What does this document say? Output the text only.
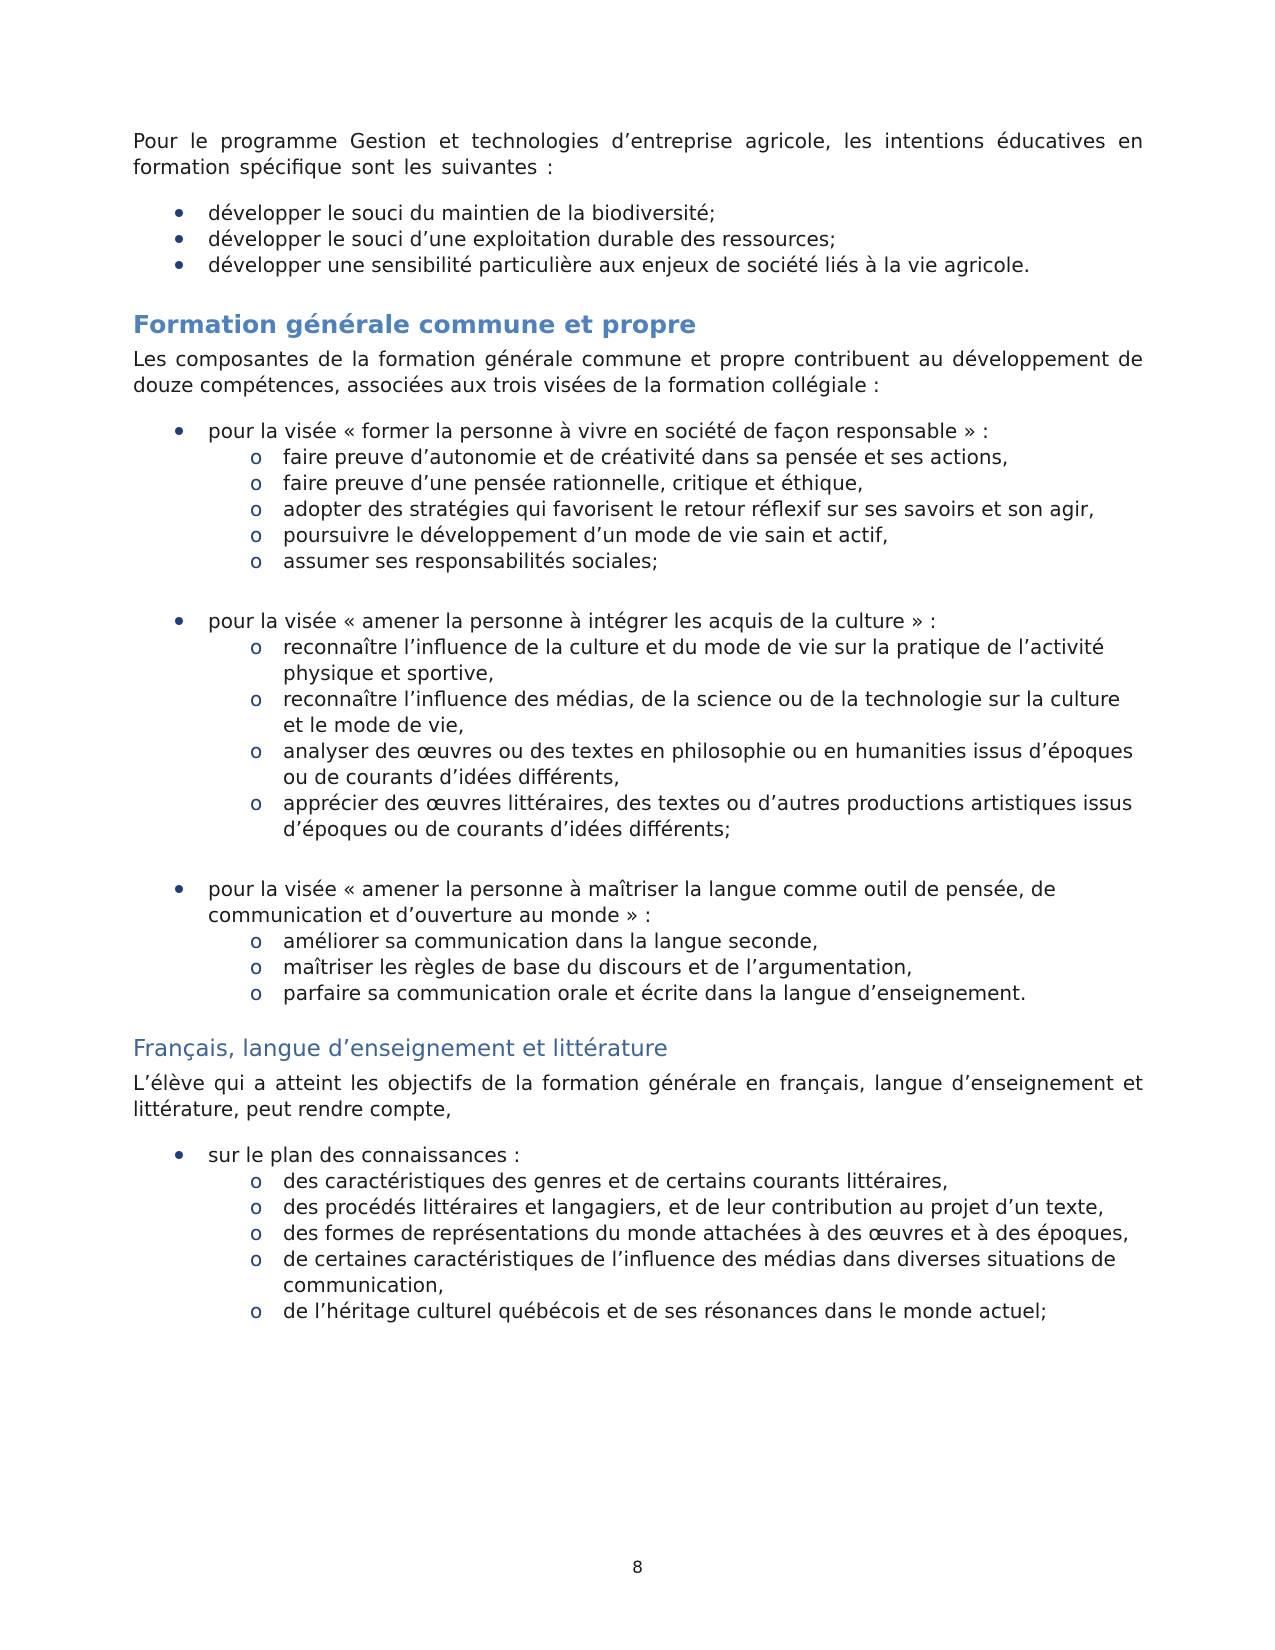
Pour le programme Gestion et technologies d’entreprise agricole, les intentions éducatives en formation spécifique sont les suivantes :

développer le souci du maintien de la biodiversité;
développer le souci d’une exploitation durable des ressources;
développer une sensibilité particulière aux enjeux de société liés à la vie agricole.
Formation générale commune et propre

Les composantes de la formation générale commune et propre contribuent au développement de douze compétences, associées aux trois visées de la formation collégiale :

pour la visée « former la personne à vivre en société de façon responsable » :
o faire preuve d’autonomie et de créativité dans sa pensée et ses actions,
o faire preuve d’une pensée rationnelle, critique et éthique,
o adopter des stratégies qui favorisent le retour réflexif sur ses savoirs et son agir,
o poursuivre le développement d’un mode de vie sain et actif,
o assumer ses responsabilités sociales;
pour la visée « amener la personne à intégrer les acquis de la culture » :
o reconnaître l’influence de la culture et du mode de vie sur la pratique de l’activité physique et sportive,
o reconnaître l’influence des médias, de la science ou de la technologie sur la culture et le mode de vie,
o analyser des œuvres ou des textes en philosophie ou en humanities issus d’époques ou de courants d’idées différents,
o apprécier des œuvres littéraires, des textes ou d’autres productions artistiques issus d’époques ou de courants d’idées différents;
pour la visée « amener la personne à maîtriser la langue comme outil de pensée, de communication et d’ouverture au monde » :
o améliorer sa communication dans la langue seconde,
o maîtriser les règles de base du discours et de l’argumentation,
o parfaire sa communication orale et écrite dans la langue d’enseignement.
Français, langue d’enseignement et littérature

L’élève qui a atteint les objectifs de la formation générale en français, langue d’enseignement et littérature, peut rendre compte,

sur le plan des connaissances :
o des caractéristiques des genres et de certains courants littéraires,
o des procédés littéraires et langagiers, et de leur contribution au projet d’un texte,
o des formes de représentations du monde attachées à des œuvres et à des époques,
o de certaines caractéristiques de l’influence des médias dans diverses situations de communication,
o de l’héritage culturel québécois et de ses résonances dans le monde actuel;
8
